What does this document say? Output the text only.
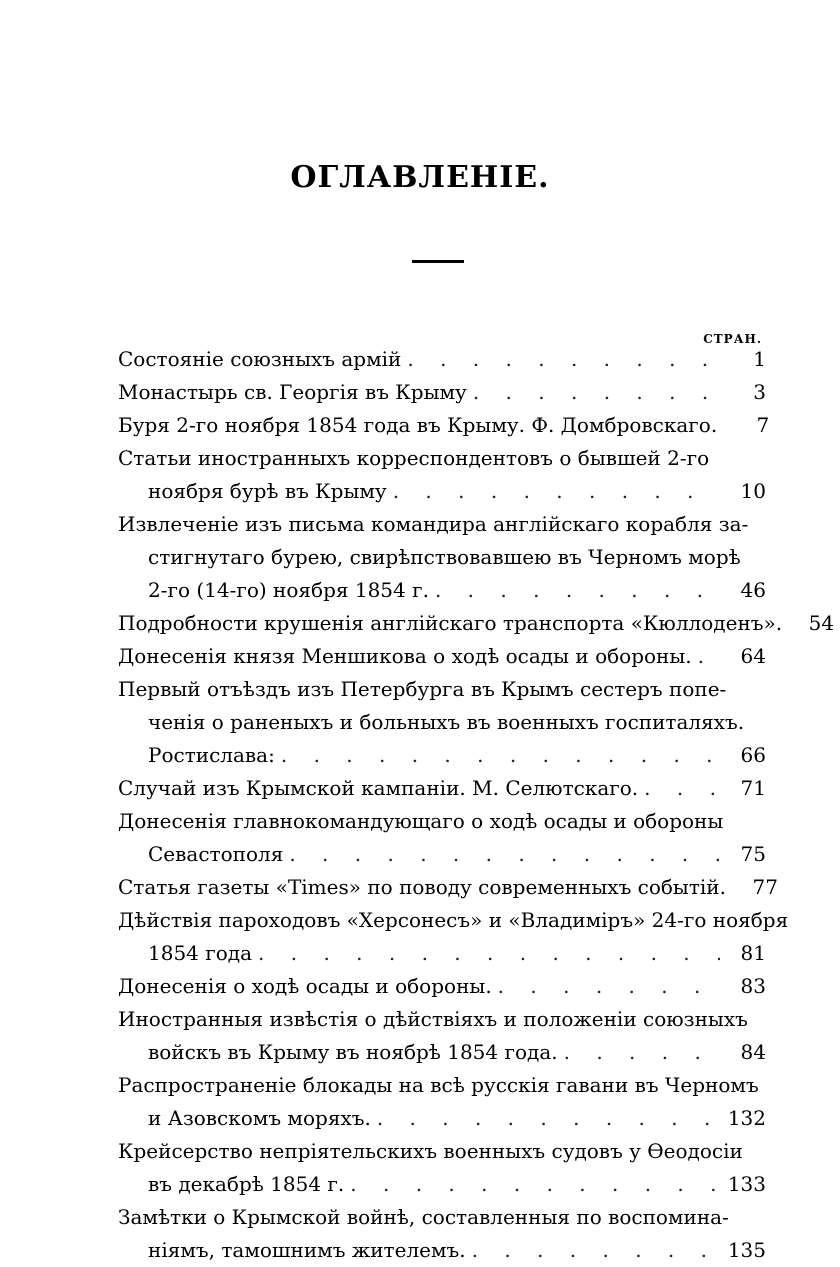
ОГЛАВЛЕНІЕ.
СТРАН.
Состояніе союзныхъ армій . . .	1
Монастырь св. Георгія въ Крыму . . .	3
Буря 2-го ноября 1854 года въ Крыму. Ф. Домбровскаго.	7
Статьи иностранныхъ корреспондентовъ о бывшей 2-го
ноября бурѣ въ Крыму . . .	10
Извлеченіе изъ письма командира англійскаго корабля за-
стигнутаго бурею, свирѣпствовавшею въ Черномъ морѣ
2-го (14-го) ноября 1854 г. . . .	46
Подробности крушенія англійскаго транспорта «Кюллоденъ».	54
Донесенія князя Меншикова о ходѣ осады и обороны. . . .	64
Первый отъѣздъ изъ Петербурга въ Крымъ сестеръ попе-
ченія о раненыхъ и больныхъ въ военныхъ госпиталяхъ.
Ростислава: . . .	66
Случай изъ Крымской кампаніи. М. Селютскаго. . . .	71
Донесенія главнокомандующаго о ходѣ осады и обороны
Севастополя . . .	75
Статья газеты «Times» по поводу современныхъ событій.	77
Дѣйствія пароходовъ «Херсонесъ» и «Владиміръ» 24-го ноября
1854 года . . .	81
Донесенія о ходѣ осады и обороны. . . .	83
Иностранныя извѣстія о дѣйствіяхъ и положеніи союзныхъ
войскъ въ Крыму въ ноябрѣ 1854 года. . . .	84
Распространеніе блокады на всѣ русскія гавани въ Черномъ
и Азовскомъ моряхъ. . . .	132
Крейсерство непріятельскихъ военныхъ судовъ у Ѳеодосіи
въ декабрѣ 1854 г. . . .	133
Замѣтки о Крымской войнѣ, составленныя по воспомина-
ніямъ, тамошнимъ жителемъ. . . .	135
